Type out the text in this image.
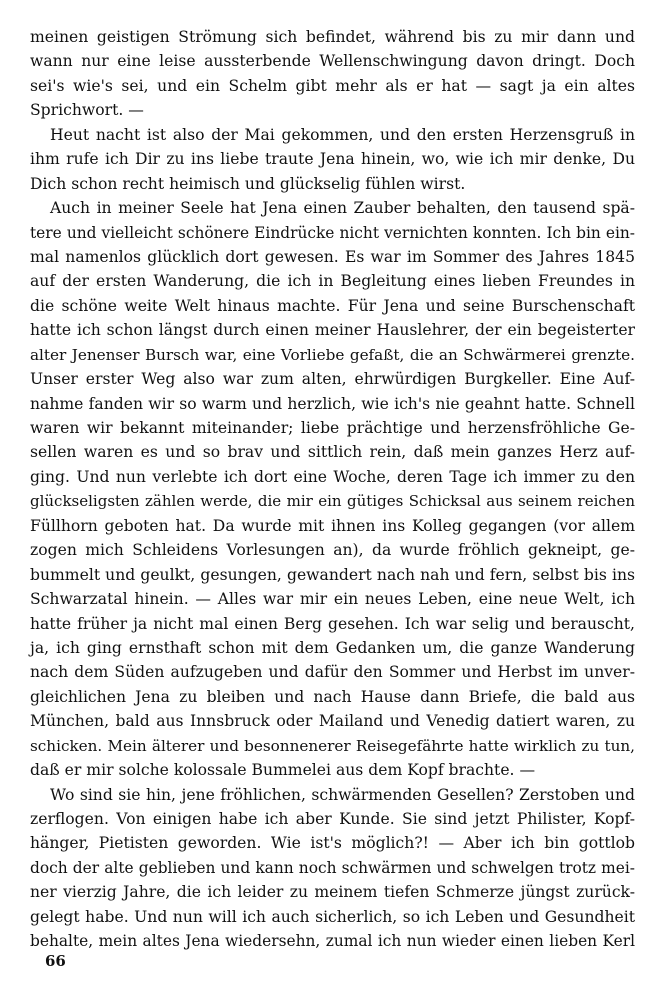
meinen geistigen Strömung sich befindet, während bis zu mir dann und
wann nur eine leise aussterbende Wellenschwingung davon dringt. Doch
sei's wie's sei, und ein Schelm gibt mehr als er hat — sagt ja ein altes
Sprichwort. —
Heut nacht ist also der Mai gekommen, und den ersten Herzensgruß in
ihm rufe ich Dir zu ins liebe traute Jena hinein, wo, wie ich mir denke, Du
Dich schon recht heimisch und glückselig fühlen wirst.
Auch in meiner Seele hat Jena einen Zauber behalten, den tausend spä-
tere und vielleicht schönere Eindrücke nicht vernichten konnten. Ich bin ein-
mal namenlos glücklich dort gewesen. Es war im Sommer des Jahres 1845
auf der ersten Wanderung, die ich in Begleitung eines lieben Freundes in
die schöne weite Welt hinaus machte. Für Jena und seine Burschenschaft
hatte ich schon längst durch einen meiner Hauslehrer, der ein begeisterter
alter Jenenser Bursch war, eine Vorliebe gefaßt, die an Schwärmerei grenzte.
Unser erster Weg also war zum alten, ehrwürdigen Burgkeller. Eine Auf-
nahme fanden wir so warm und herzlich, wie ich's nie geahnt hatte. Schnell
waren wir bekannt miteinander; liebe prächtige und herzensfröhliche Ge-
sellen waren es und so brav und sittlich rein, daß mein ganzes Herz auf-
ging. Und nun verlebte ich dort eine Woche, deren Tage ich immer zu den
glückseligsten zählen werde, die mir ein gütiges Schicksal aus seinem reichen
Füllhorn geboten hat. Da wurde mit ihnen ins Kolleg gegangen (vor allem
zogen mich Schleidens Vorlesungen an), da wurde fröhlich gekneipt, ge-
bummelt und geulkt, gesungen, gewandert nach nah und fern, selbst bis ins
Schwarzatal hinein. — Alles war mir ein neues Leben, eine neue Welt, ich
hatte früher ja nicht mal einen Berg gesehen. Ich war selig und berauscht,
ja, ich ging ernsthaft schon mit dem Gedanken um, die ganze Wanderung
nach dem Süden aufzugeben und dafür den Sommer und Herbst im unver-
gleichlichen Jena zu bleiben und nach Hause dann Briefe, die bald aus
München, bald aus Innsbruck oder Mailand und Venedig datiert waren, zu
schicken. Mein älterer und besonnenerer Reisegefährte hatte wirklich zu tun,
daß er mir solche kolossale Bummelei aus dem Kopf brachte. —
Wo sind sie hin, jene fröhlichen, schwärmenden Gesellen? Zerstoben und
zerflogen. Von einigen habe ich aber Kunde. Sie sind jetzt Philister, Kopf-
hänger, Pietisten geworden. Wie ist's möglich?! — Aber ich bin gottlob
doch der alte geblieben und kann noch schwärmen und schwelgen trotz mei-
ner vierzig Jahre, die ich leider zu meinem tiefen Schmerze jüngst zurück-
gelegt habe. Und nun will ich auch sicherlich, so ich Leben und Gesundheit
behalte, mein altes Jena wiedersehn, zumal ich nun wieder einen lieben Kerl
66
